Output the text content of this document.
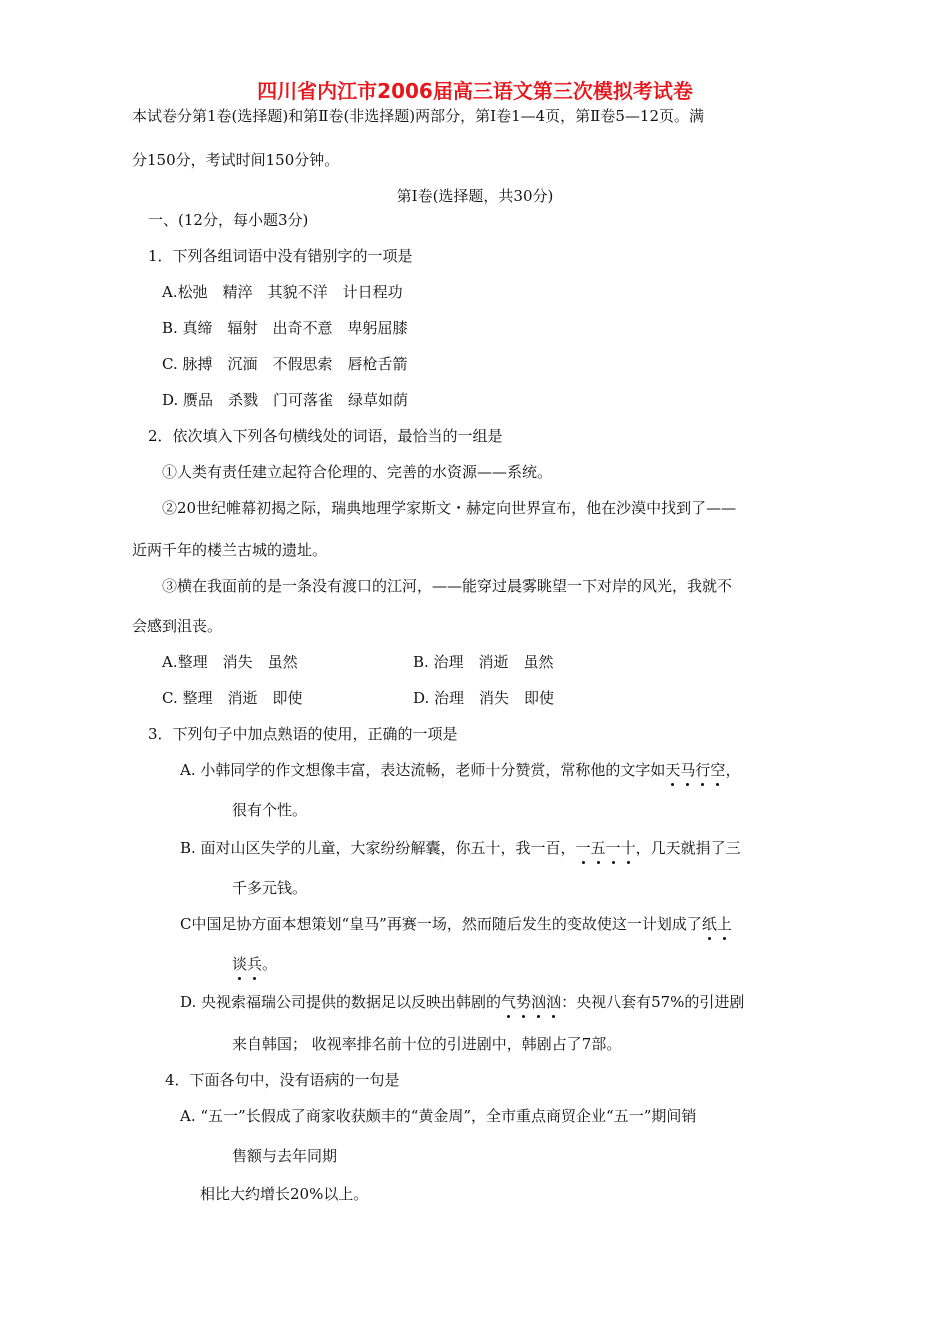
四川省内江市2006届高三语文第三次模拟考试卷
本试卷分第1卷(选择题)和第Ⅱ卷(非选择题)两部分，第Ⅰ卷1—4页，第Ⅱ卷5—12页。满
分150分，考试时间150分钟。
第Ⅰ卷(选择题，共30分)
一、(12分，每小题3分)
1．下列各组词语中没有错别字的一项是
A.松弛　精淬　其貌不洋　计日程功
B. 真缔　辐射　出奇不意　卑躬屈膝
C. 脉搏　沉湎　不假思索　唇枪舌箭
D. 赝品　杀戮　门可落雀　绿草如荫
2．依次填入下列各句横线处的词语，最恰当的一组是
①人类有责任建立起符合伦理的、完善的水资源——系统。
②20世纪帷幕初揭之际，瑞典地理学家斯文・赫定向世界宣布，他在沙漠中找到了——
近两千年的楼兰古城的遗址。
③横在我面前的是一条没有渡口的江河，——能穿过晨雾眺望一下对岸的风光，我就不
会感到沮丧。
A.整理　消失　虽然	B. 治理　消逝　虽然
C. 整理　消逝　即使	D. 治理　消失　即使
3．下列句子中加点熟语的使用，正确的一项是
A. 小韩同学的作文想像丰富，表达流畅，老师十分赞赏，常称他的文字如天马行空，
很有个性。
B. 面对山区失学的儿童，大家纷纷解囊，你五十，我一百，一五一十，几天就捐了三
千多元钱。
C中国足协方面本想策划“皇马”再赛一场，然而随后发生的变故使这一计划成了纸上
谈兵。
D. 央视索福瑞公司提供的数据足以反映出韩剧的气势汹汹：央视八套有57%的引进剧
来自韩国； 收视率排名前十位的引进剧中，韩剧占了7部。
4．下面各句中，没有语病的一句是
A. “五一”长假成了商家收获颇丰的“黄金周”，全市重点商贸企业“五一”期间销
售额与去年同期
相比大约增长20%以上。
